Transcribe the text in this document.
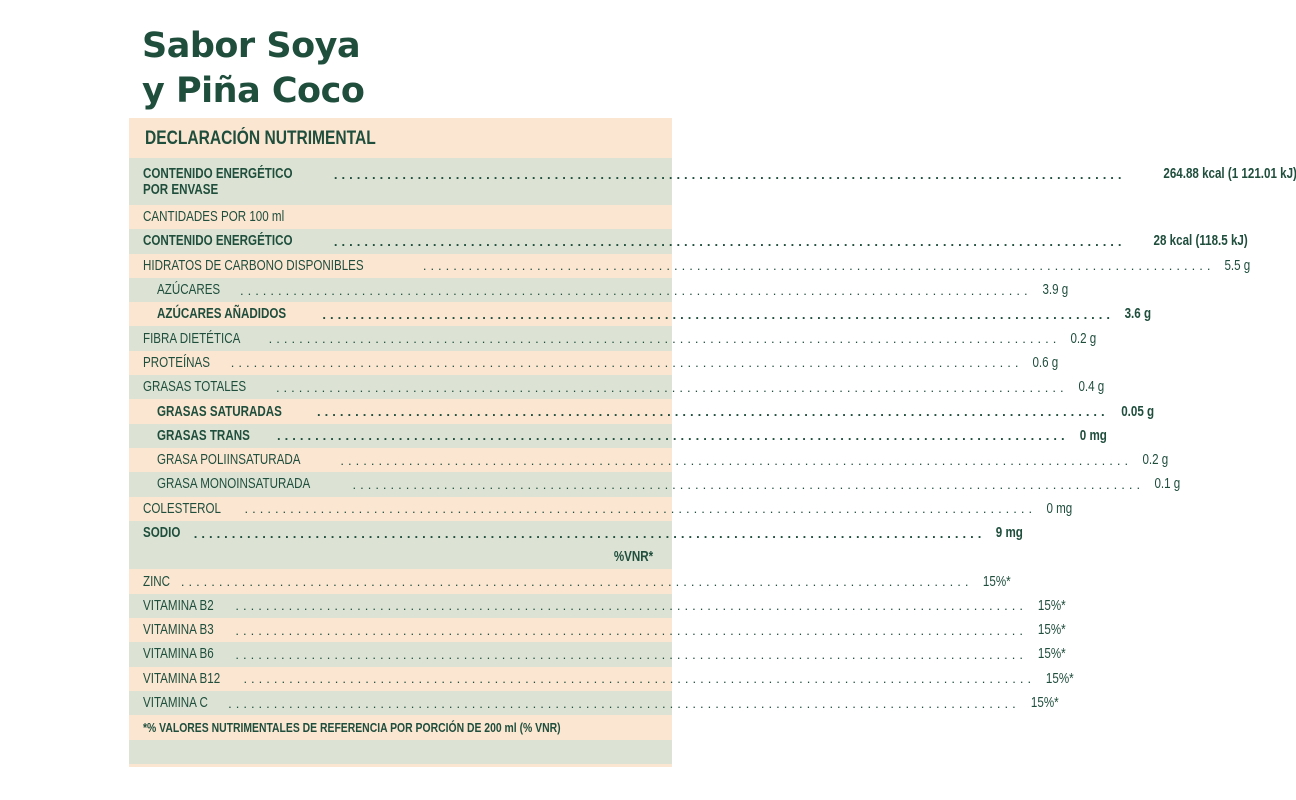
Sabor Soya
y Piña Coco
DECLARACIÓN NUTRIMENTAL
CONTENIDO ENERGÉTICO	........................................................................................................	264.88 kcal (1 121.01 kJ)
POR ENVASE
CANTIDADES POR 100 ml
CONTENIDO ENERGÉTICO	........................................................................................................ 28 kcal (118.5 kJ)
HIDRATOS DE CARBONO DISPONIBLES	........................................................................................................ 5.5 g
AZÚCARES ........................................................................................................ 3.9 g
AZÚCARES AÑADIDOS	........................................................................................................ 3.6 g
FIBRA DIETÉTICA ........................................................................................................ 0.2 g
PROTEÍNAS ........................................................................................................ 0.6 g
GRASAS TOTALES ........................................................................................................ 0.4 g
GRASAS SATURADAS	........................................................................................................ 0.05 g
GRASAS TRANS ........................................................................................................ 0 mg
GRASA POLIINSATURADA	........................................................................................................ 0.2 g
GRASA MONOINSATURADA	........................................................................................................ 0.1 g
COLESTEROL ........................................................................................................ 0 mg
SODIO ........................................................................................................ 9 mg
%VNR*
ZINC ........................................................................................................ 15%*
VITAMINA B2 ........................................................................................................ 15%*
VITAMINA B3 ........................................................................................................ 15%*
VITAMINA B6 ........................................................................................................ 15%*
VITAMINA B12 ........................................................................................................ 15%*
VITAMINA C ........................................................................................................ 15%*
*% VALORES NUTRIMENTALES DE REFERENCIA POR PORCIÓN DE 200 ml (% VNR)
